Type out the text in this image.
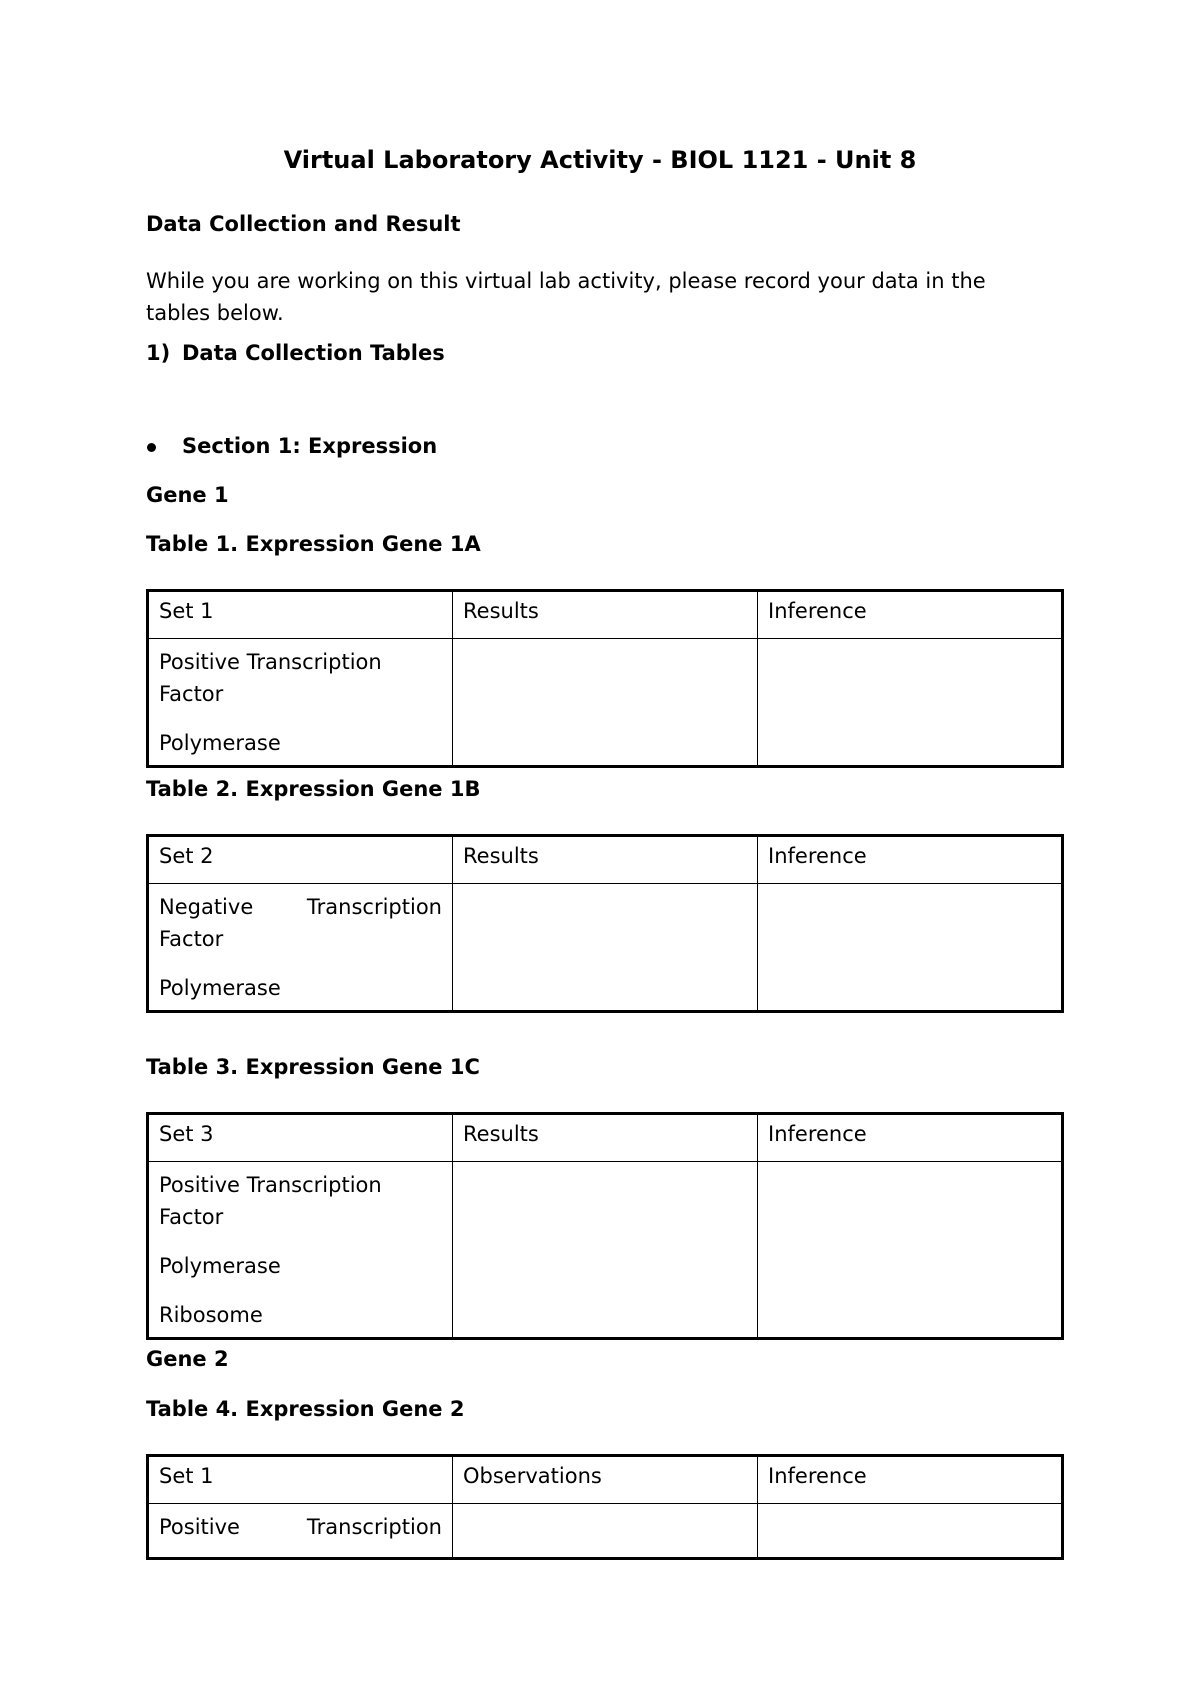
Virtual Laboratory Activity - BIOL 1121 - Unit 8
Data Collection and Result
While you are working on this virtual lab activity, please record your data in the tables below.
1) Data Collection Tables
Section 1: Expression
Gene 1
Table 1. Expression Gene 1A
Set 1	Results	Inference

Positive Transcription Factor
Polymerase		

Table 2. Expression Gene 1B
Set 2	Results	Inference

Negative Transcription
Factor
Polymerase		

Table 3. Expression Gene 1C
Set 3	Results	Inference

Positive Transcription Factor
Polymerase
Ribosome		

Gene 2
Table 4. Expression Gene 2
Set 1	Observations	Inference

Positive Transcription		
